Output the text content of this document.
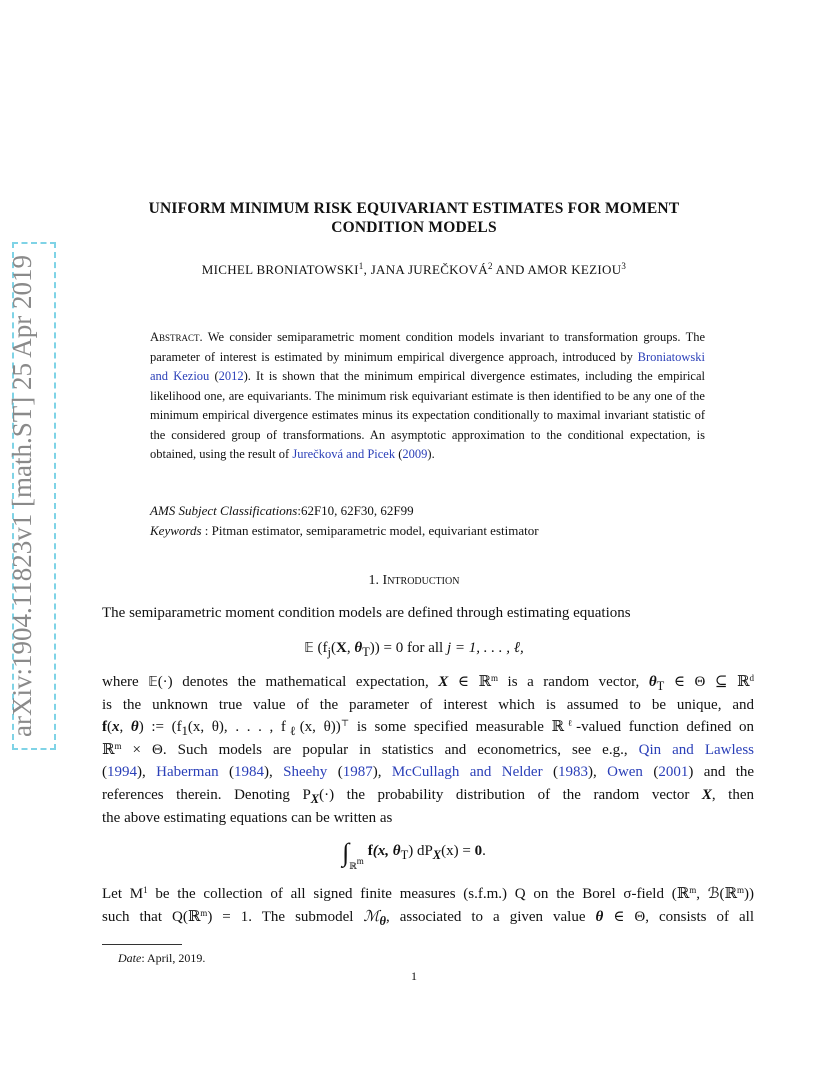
arXiv:1904.11823v1 [math.ST] 25 Apr 2019
UNIFORM MINIMUM RISK EQUIVARIANT ESTIMATES FOR MOMENT
CONDITION MODELS
MICHEL BRONIATOWSKI$^1$, JANA JUREČKOVÁ$^2$ AND AMOR KEZIOU$^3$
Abstract. We consider semiparametric moment condition models invariant to transformation groups. The parameter of interest is estimated by minimum empirical divergence approach, introduced by Broniatowski and Keziou (2012). It is shown that the minimum empirical divergence estimates, including the empirical likelihood one, are equivariants. The minimum risk equivariant estimate is then identified to be any one of the minimum empirical divergence estimates minus its expectation conditionally to maximal invariant statistic of the considered group of transformations. An asymptotic approximation to the conditional expectation, is obtained, using the result of Jurečková and Picek (2009).
AMS Subject Classifications:62F10, 62F30, 62F99
Keywords : Pitman estimator, semiparametric model, equivariant estimator
1. Introduction
The semiparametric moment condition models are defined through estimating equations
𝔼 ($f_j(X$, $\theta_T)) = 0$ for all j = 1, . . . , ℓ,
where 𝔼(·) denotes the mathematical expectation, X ∈ ℝ$^m$ is a random vector, $\theta_T$ ∈ Θ ⊆ ℝ$^d$
is the unknown true value of the parameter of interest which is assumed to be unique, and
f(x, θ) := ($f_1(x$, θ), . . . , $f_\ell(x$, θ))⊤ is some specified measurable ℝ$^\ell$-valued function defined on
ℝ$^m$ × Θ. Such models are popular in statistics and econometrics, see e.g., Qin and Lawless
(1994), Haberman (1984), Sheehy (1987), McCullagh and Nelder (1983), Owen (2001) and the
references therein. Denoting $P_X(\cdot)$ the probability distribution of the random vector X, then
the above estimating equations can be written as
$\int_{ℝ^m}f(x$, $\theta_T$) $dP_X(x) = 0$.
Let $M^1$ be the collection of all signed finite measures (s.f.m.) Q on the Borel σ-field (ℝ$^m$, ℬ(ℝ$^m$))
such that Q(ℝ$^m$) = 1. The submodel ℳ$_\theta$, associated to a given value θ ∈ Θ, consists of all
Date: April, 2019.
1
